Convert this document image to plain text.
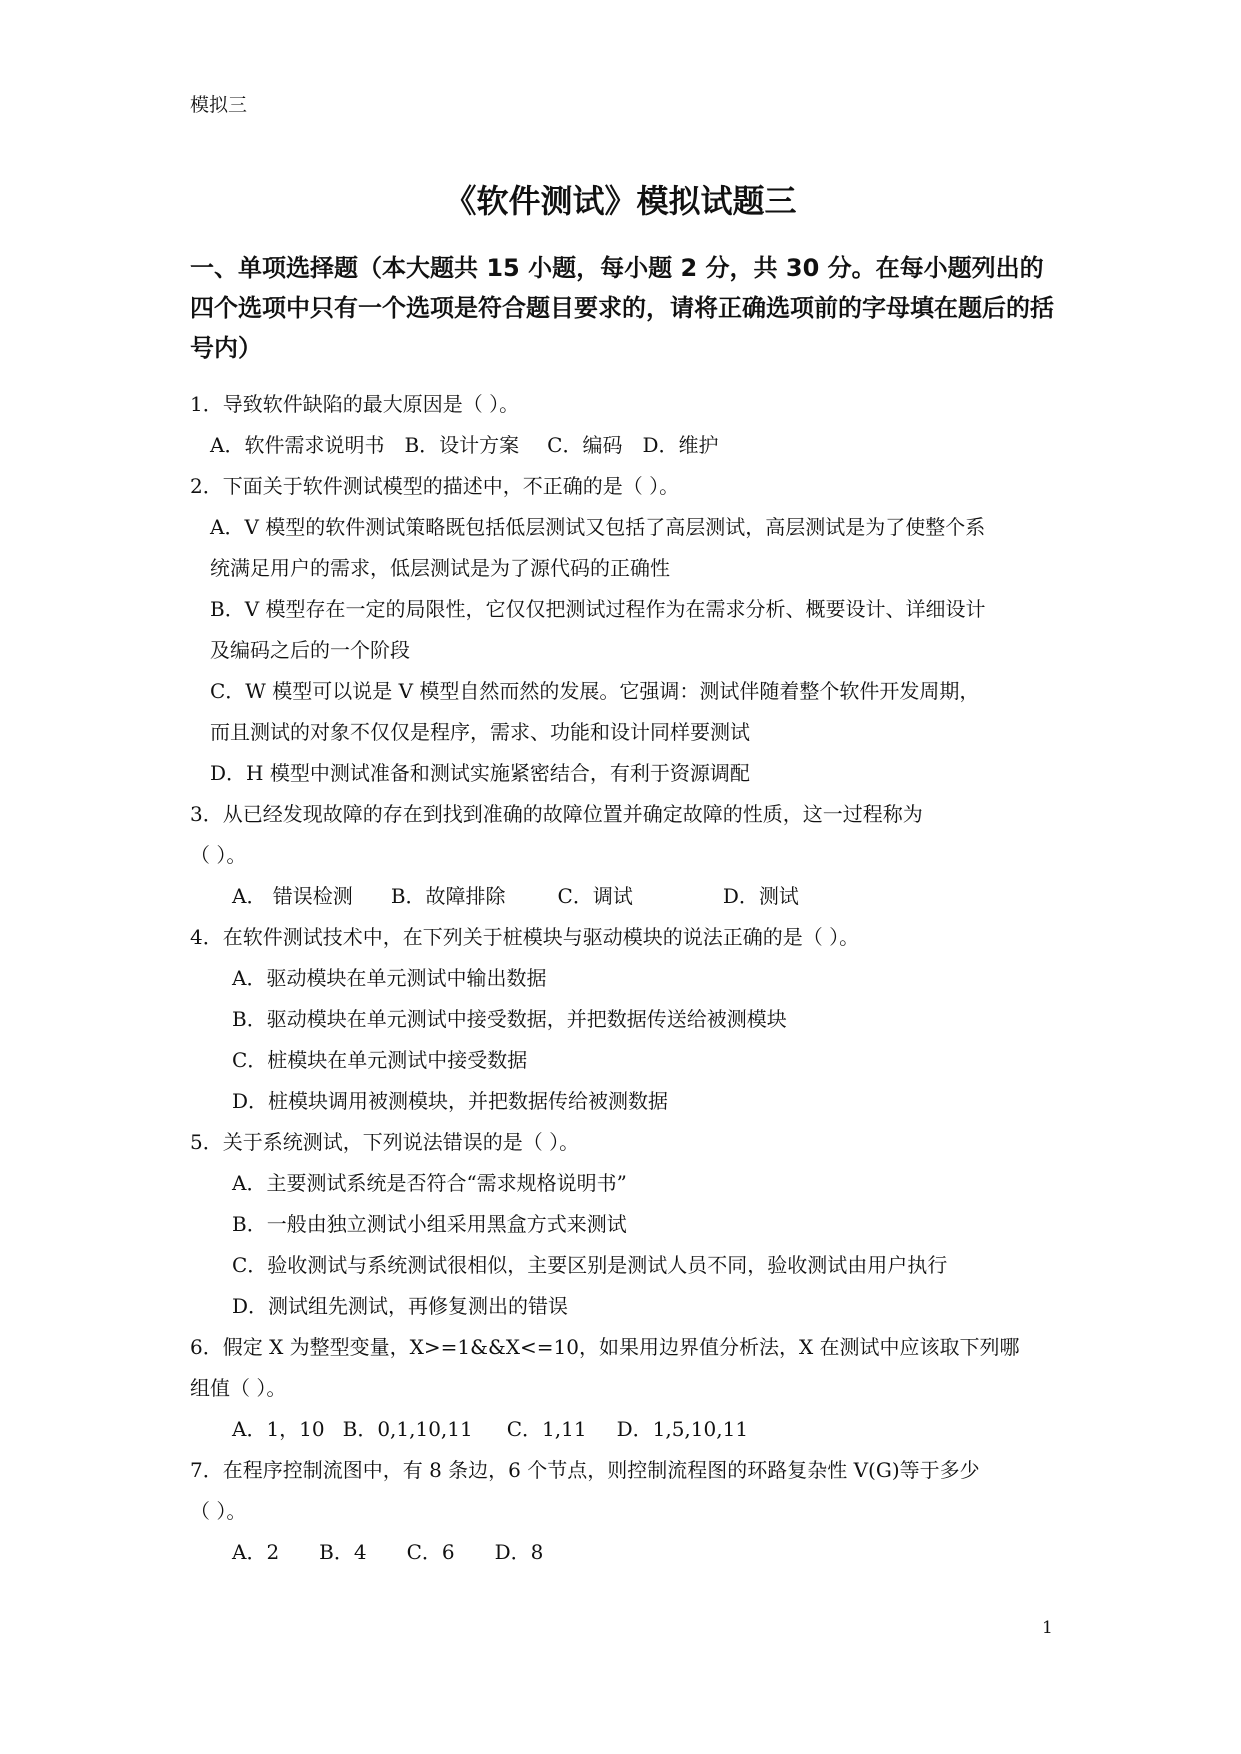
模拟三
《软件测试》模拟试题三
一、单项选择题（本大题共 15 小题，每小题 2 分，共 30 分。在每小题列出的四个选项中只有一个选项是符合题目要求的，请将正确选项前的字母填在题后的括号内）
1．导致软件缺陷的最大原因是（ ）。
A．软件需求说明书 B．设计方案 C．编码 D．维护
2．下面关于软件测试模型的描述中，不正确的是（ ）。
A．V 模型的软件测试策略既包括低层测试又包括了高层测试，高层测试是为了使整个系
统满足用户的需求，低层测试是为了源代码的正确性
B．V 模型存在一定的局限性，它仅仅把测试过程作为在需求分析、概要设计、详细设计
及编码之后的一个阶段
C．W 模型可以说是 V 模型自然而然的发展。它强调：测试伴随着整个软件开发周期，
而且测试的对象不仅仅是程序，需求、功能和设计同样要测试
D．H 模型中测试准备和测试实施紧密结合，有利于资源调配
3．从已经发现故障的存在到找到准确的故障位置并确定故障的性质，这一过程称为
（ ）。
A． 错误检测 B．故障排除	C．调试	D．测试
4．在软件测试技术中，在下列关于桩模块与驱动模块的说法正确的是（ ）。
A．驱动模块在单元测试中输出数据
B．驱动模块在单元测试中接受数据，并把数据传送给被测模块
C．桩模块在单元测试中接受数据
D．桩模块调用被测模块，并把数据传给被测数据
5．关于系统测试，下列说法错误的是（ ）。
A．主要测试系统是否符合“需求规格说明书”
B．一般由独立测试小组采用黑盒方式来测试
C．验收测试与系统测试很相似，主要区别是测试人员不同，验收测试由用户执行
D．测试组先测试，再修复测出的错误
6．假定 X 为整型变量，X>=1&&X<=10，如果用边界值分析法，X 在测试中应该取下列哪
组值（ ）。
A．1，10 B．0,1,10,11 C．1,11 D．1,5,10,11
7．在程序控制流图中，有 8 条边，6 个节点，则控制流程图的环路复杂性 V(G)等于多少
（ ）。
A．2 B．4 C．6 D．8
1
